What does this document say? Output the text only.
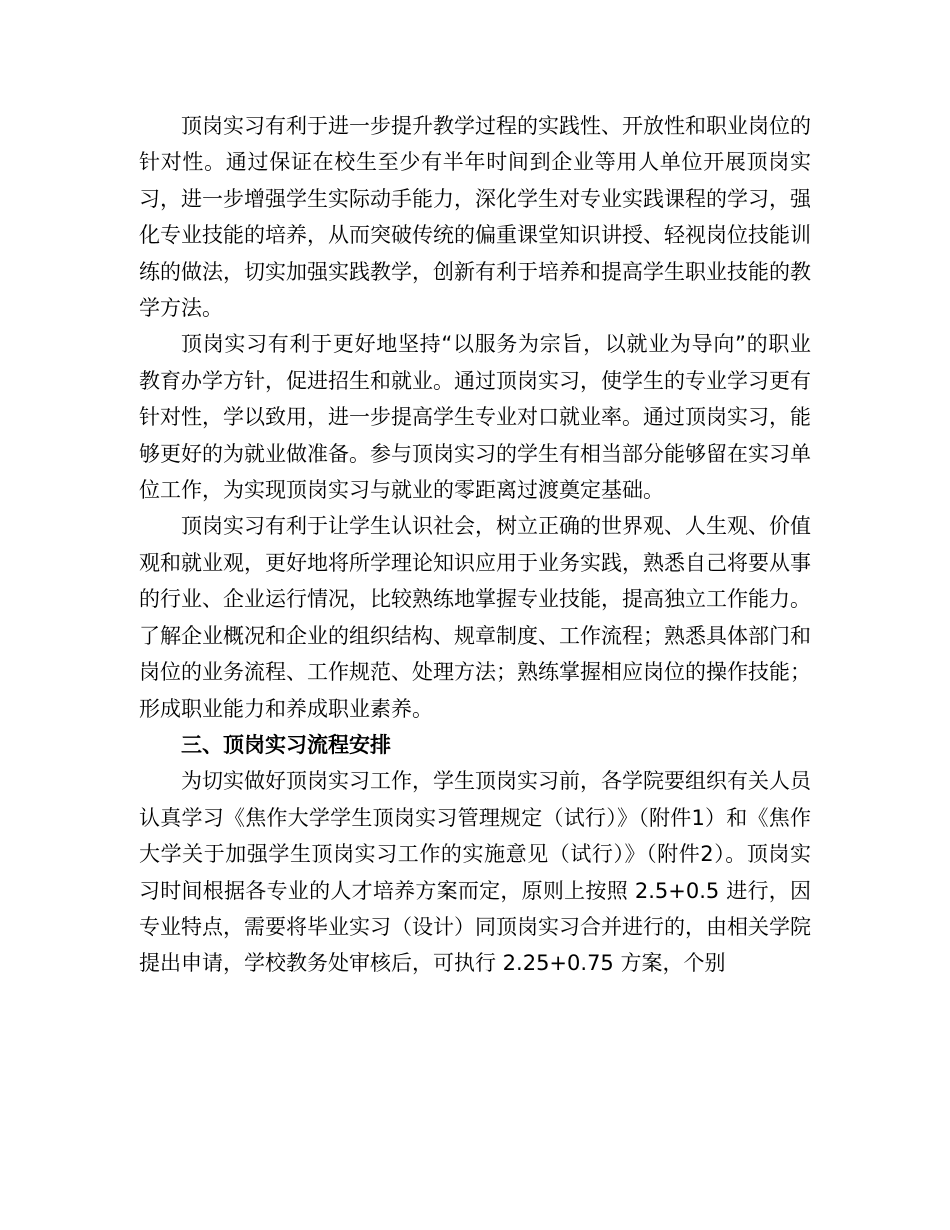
顶岗实习有利于进一步提升教学过程的实践性、开放性和职业岗位的针对性。通过保证在校生至少有半年时间到企业等用人单位开展顶岗实习，进一步增强学生实际动手能力，深化学生对专业实践课程的学习，强化专业技能的培养，从而突破传统的偏重课堂知识讲授、轻视岗位技能训练的做法，切实加强实践教学，创新有利于培养和提高学生职业技能的教学方法。

顶岗实习有利于更好地坚持“以服务为宗旨，以就业为导向”的职业教育办学方针，促进招生和就业。通过顶岗实习，使学生的专业学习更有针对性，学以致用，进一步提高学生专业对口就业率。通过顶岗实习，能够更好的为就业做准备。参与顶岗实习的学生有相当部分能够留在实习单位工作，为实现顶岗实习与就业的零距离过渡奠定基础。

顶岗实习有利于让学生认识社会，树立正确的世界观、人生观、价值观和就业观，更好地将所学理论知识应用于业务实践，熟悉自己将要从事的行业、企业运行情况，比较熟练地掌握专业技能，提高独立工作能力。了解企业概况和企业的组织结构、规章制度、工作流程；熟悉具体部门和岗位的业务流程、工作规范、处理方法；熟练掌握相应岗位的操作技能；形成职业能力和养成职业素养。

三、顶岗实习流程安排

为切实做好顶岗实习工作，学生顶岗实习前，各学院要组织有关人员认真学习《焦作大学学生顶岗实习管理规定（试行）》（附件1）和《焦作大学关于加强学生顶岗实习工作的实施意见（试行）》（附件2）。顶岗实习时间根据各专业的人才培养方案而定，原则上按照 2.5+0.5 进行，因专业特点，需要将毕业实习（设计）同顶岗实习合并进行的，由相关学院提出申请，学校教务处审核后，可执行 2.25+0.75 方案，个别
